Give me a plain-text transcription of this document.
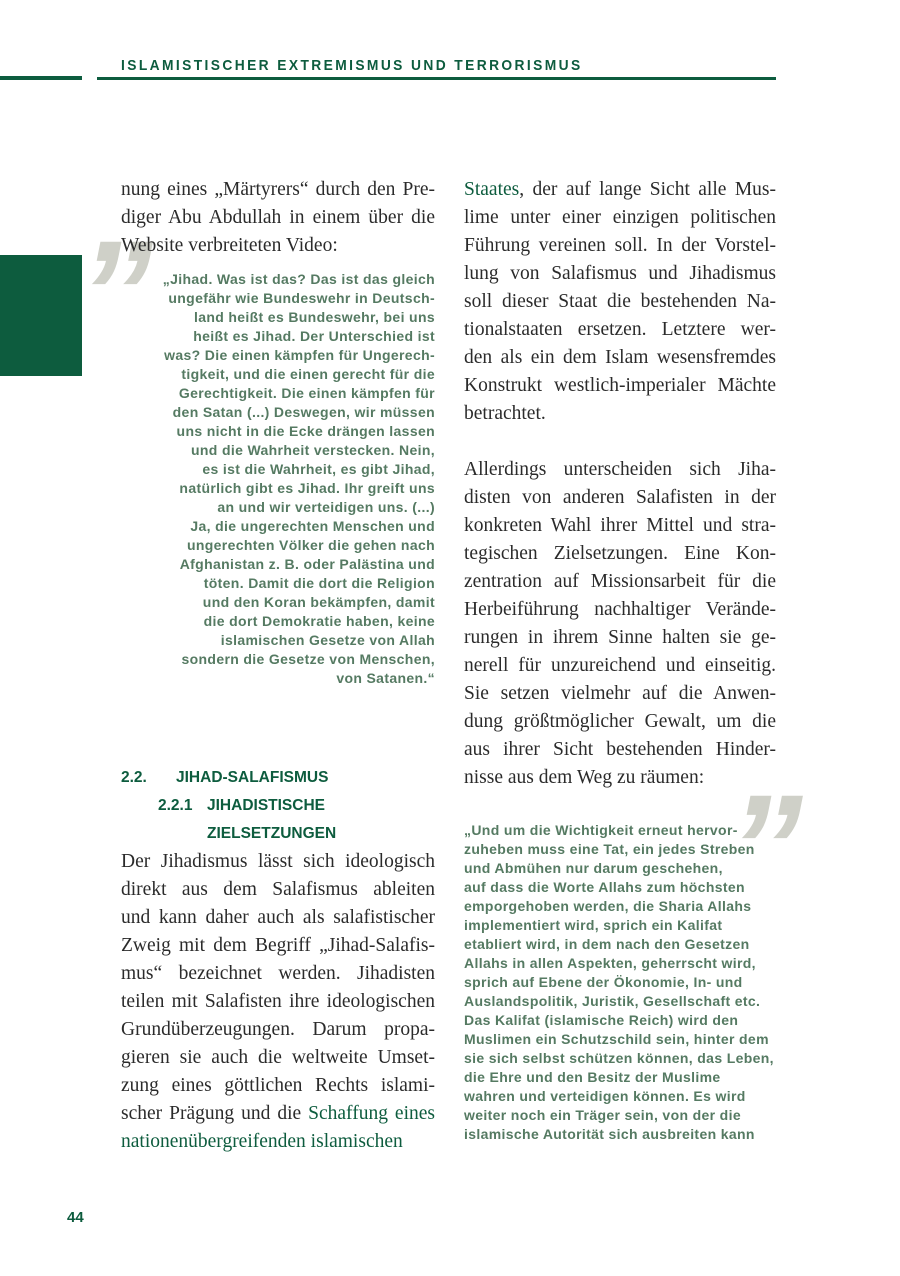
ISLAMISTISCHER EXTREMISMUS UND TERRORISMUS
”
”
nung eines „Märtyrers“ durch den Pre-
diger Abu Abdullah in einem über die
Website verbreiteten Video:
„Jihad. Was ist das? Das ist das gleich
ungefähr wie Bundeswehr in Deutsch-
land heißt es Bundeswehr, bei uns
heißt es Jihad. Der Unterschied ist
was? Die einen kämpfen für Ungerech-
tigkeit, und die einen gerecht für die
Gerechtigkeit. Die einen kämpfen für
den Satan (...) Deswegen, wir müssen
uns nicht in die Ecke drängen lassen
und die Wahrheit verstecken. Nein,
es ist die Wahrheit, es gibt Jihad,
natürlich gibt es Jihad. Ihr greift uns
an und wir verteidigen uns. (...)
Ja, die ungerechten Menschen und
ungerechten Völker die gehen nach
Afghanistan z. B. oder Palästina und
töten. Damit die dort die Religion
und den Koran bekämpfen, damit
die dort Demokratie haben, keine
islamischen Gesetze von Allah
sondern die Gesetze von Menschen,
von Satanen.“
2.2. JIHAD-SALAFISMUS
2.2.1 JIHADISTISCHE
ZIELSETZUNGEN
Der Jihadismus lässt sich ideologisch
direkt aus dem Salafismus ableiten
und kann daher auch als salafistischer
Zweig mit dem Begriff „Jihad-Salafis-
mus“ bezeichnet werden. Jihadisten
teilen mit Salafisten ihre ideologischen
Grundüberzeugungen. Darum propa-
gieren sie auch die weltweite Umset-
zung eines göttlichen Rechts islami-
scher Prägung und die Schaffung eines
nationenübergreifenden islamischen
Staates, der auf lange Sicht alle Mus-
lime unter einer einzigen politischen
Führung vereinen soll. In der Vorstel-
lung von Salafismus und Jihadismus
soll dieser Staat die bestehenden Na-
tionalstaaten ersetzen. Letztere wer-
den als ein dem Islam wesensfremdes
Konstrukt westlich-imperialer Mächte
betrachtet.
Allerdings unterscheiden sich Jiha-
disten von anderen Salafisten in der
konkreten Wahl ihrer Mittel und stra-
tegischen Zielsetzungen. Eine Kon-
zentration auf Missionsarbeit für die
Herbeiführung nachhaltiger Verände-
rungen in ihrem Sinne halten sie ge-
nerell für unzureichend und einseitig.
Sie setzen vielmehr auf die Anwen-
dung größtmöglicher Gewalt, um die
aus ihrer Sicht bestehenden Hinder-
nisse aus dem Weg zu räumen:
„Und um die Wichtigkeit erneut hervor-
zuheben muss eine Tat, ein jedes Streben
und Abmühen nur darum geschehen,
auf dass die Worte Allahs zum höchsten
emporgehoben werden, die Sharia Allahs
implementiert wird, sprich ein Kalifat
etabliert wird, in dem nach den Gesetzen
Allahs in allen Aspekten, geherrscht wird,
sprich auf Ebene der Ökonomie, In- und
Auslandspolitik, Juristik, Gesellschaft etc.
Das Kalifat (islamische Reich) wird den
Muslimen ein Schutzschild sein, hinter dem
sie sich selbst schützen können, das Leben,
die Ehre und den Besitz der Muslime
wahren und verteidigen können. Es wird
weiter noch ein Träger sein, von der die
islamische Autorität sich ausbreiten kann
44
